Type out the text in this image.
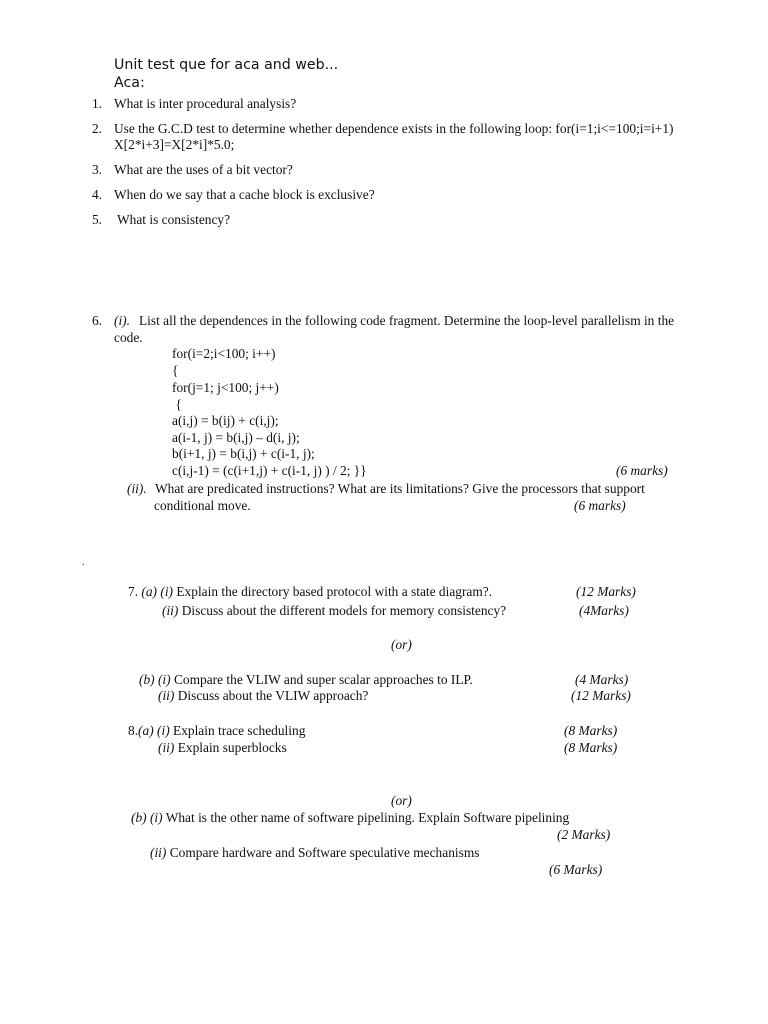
Unit test que for aca and web...
Aca:
1. What is inter procedural analysis?
2. Use the G.C.D test to determine whether dependence exists in the following loop: for(i=1;i<=100;i=i+1)
X[2*i+3]=X[2*i]*5.0;
3. What are the uses of a bit vector?
4. When do we say that a cache block is exclusive?
5. What is consistency?
6. (i). List all the dependences in the following code fragment. Determine the loop-level parallelism in the
code.
for(i=2;i<100; i++)
{
for(j=1; j<100; j++)
{
a(i,j) = b(ij) + c(i,j);
a(i-1, j) = b(i,j) – d(i, j);
b(i+1, j) = b(i,j) + c(i-1, j);
c(i,j-1) = (c(i+1,j) + c(i-1, j) ) / 2; }}	(6 marks)
(ii). What are predicated instructions? What are its limitations? Give the processors that support
conditional move.	(6 marks)
.
7. (a) (i) Explain the directory based protocol with a state diagram?.	(12 Marks)
(ii) Discuss about the different models for memory consistency?	(4Marks)
(or)
(b) (i) Compare the VLIW and super scalar approaches to ILP.	(4 Marks)
(ii) Discuss about the VLIW approach?	(12 Marks)
8.(a) (i) Explain trace scheduling	(8 Marks)
(ii) Explain superblocks	(8 Marks)
(or)
(b) (i) What is the other name of software pipelining. Explain Software pipelining
(2 Marks)
(ii) Compare hardware and Software speculative mechanisms
(6 Marks)
